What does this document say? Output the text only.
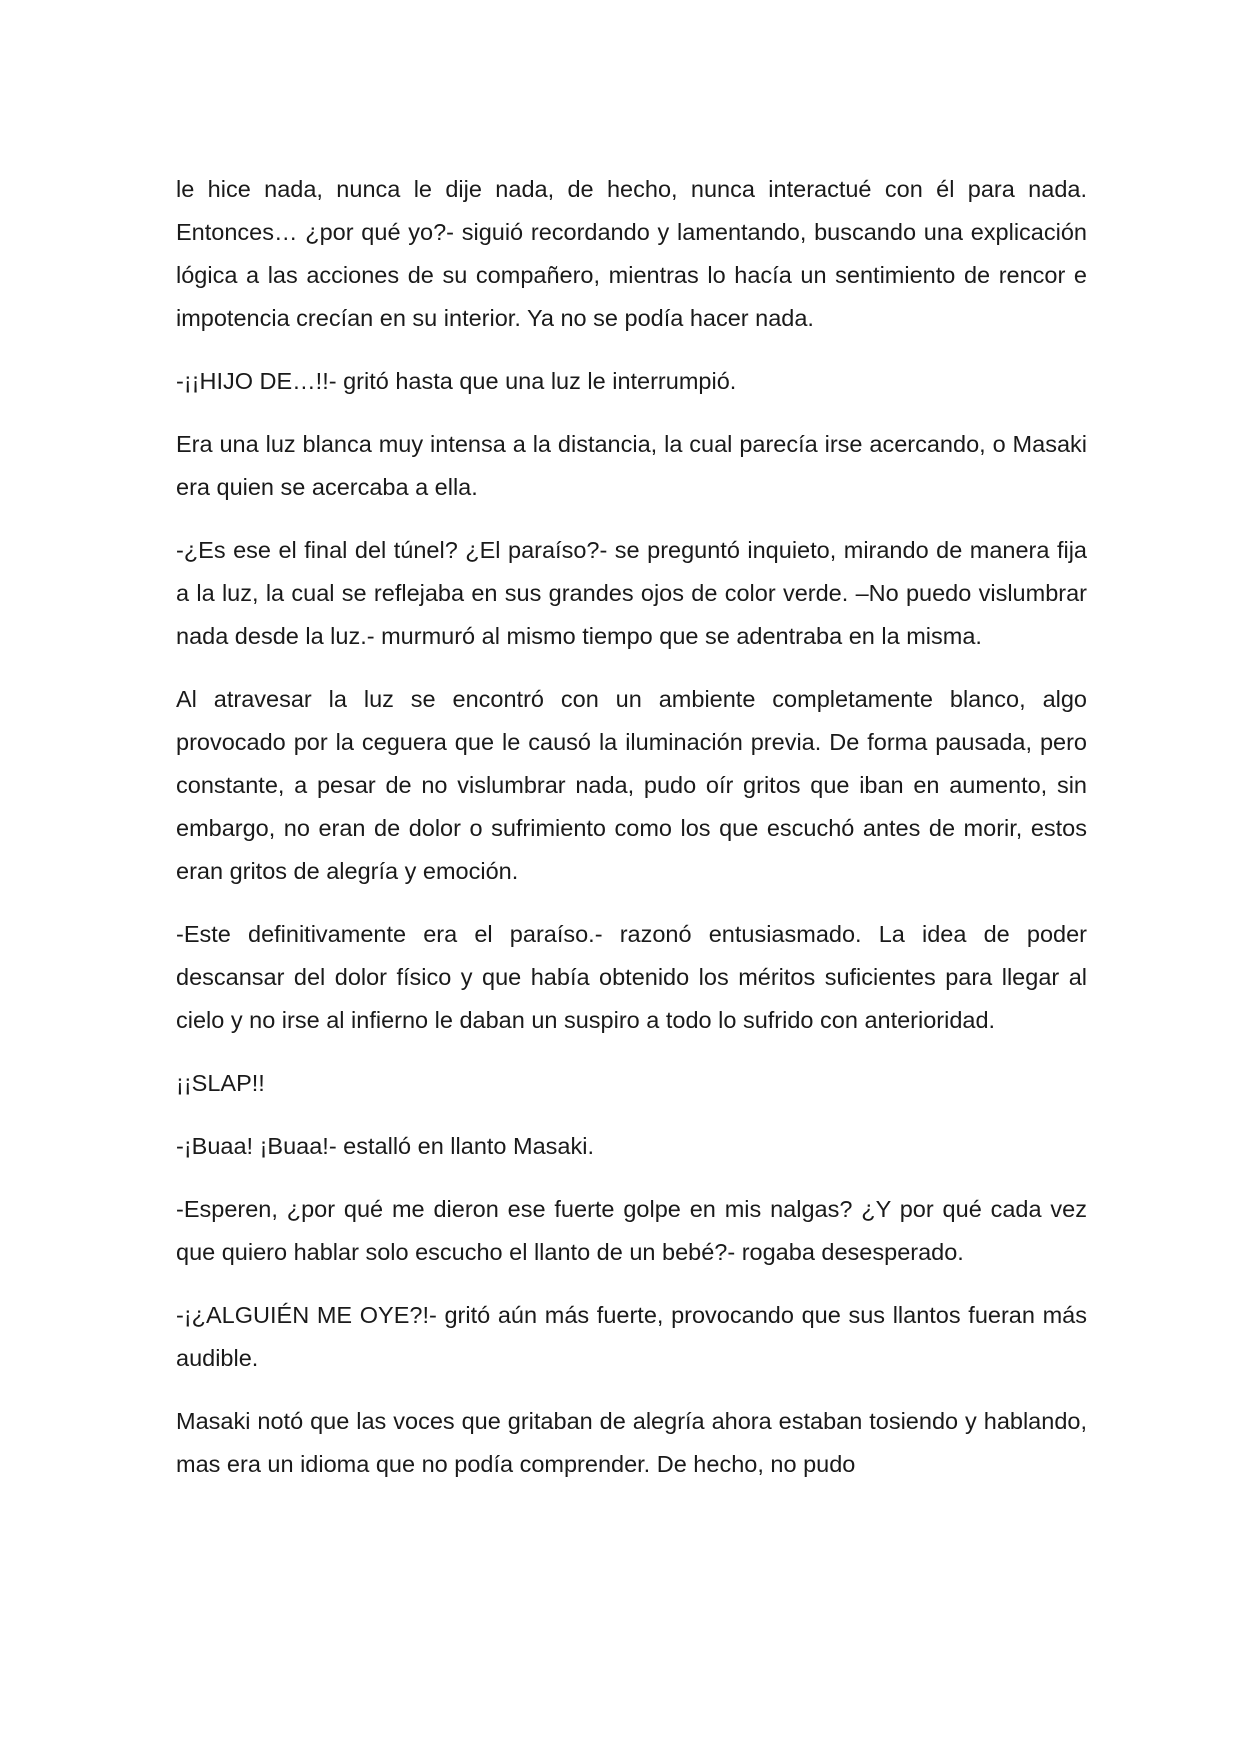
le hice nada, nunca le dije nada, de hecho, nunca interactué con él para nada. Entonces… ¿por qué yo?- siguió recordando y lamentando, buscando una explicación lógica a las acciones de su compañero, mientras lo hacía un sentimiento de rencor e impotencia crecían en su interior. Ya no se podía hacer nada.

-¡¡HIJO DE…!!- gritó hasta que una luz le interrumpió.

Era una luz blanca muy intensa a la distancia, la cual parecía irse acercando, o Masaki era quien se acercaba a ella.

-¿Es ese el final del túnel? ¿El paraíso?- se preguntó inquieto, mirando de manera fija a la luz, la cual se reflejaba en sus grandes ojos de color verde. –No puedo vislumbrar nada desde la luz.- murmuró al mismo tiempo que se adentraba en la misma.

Al atravesar la luz se encontró con un ambiente completamente blanco, algo provocado por la ceguera que le causó la iluminación previa. De forma pausada, pero constante, a pesar de no vislumbrar nada, pudo oír gritos que iban en aumento, sin embargo, no eran de dolor o sufrimiento como los que escuchó antes de morir, estos eran gritos de alegría y emoción.

-Este definitivamente era el paraíso.- razonó entusiasmado. La idea de poder descansar del dolor físico y que había obtenido los méritos suficientes para llegar al cielo y no irse al infierno le daban un suspiro a todo lo sufrido con anterioridad.

¡¡SLAP!!

-¡Buaa! ¡Buaa!- estalló en llanto Masaki.

-Esperen, ¿por qué me dieron ese fuerte golpe en mis nalgas? ¿Y por qué cada vez que quiero hablar solo escucho el llanto de un bebé?- rogaba desesperado.

-¡¿ALGUIÉN ME OYE?!- gritó aún más fuerte, provocando que sus llantos fueran más audible.

Masaki notó que las voces que gritaban de alegría ahora estaban tosiendo y hablando, mas era un idioma que no podía comprender. De hecho, no pudo
